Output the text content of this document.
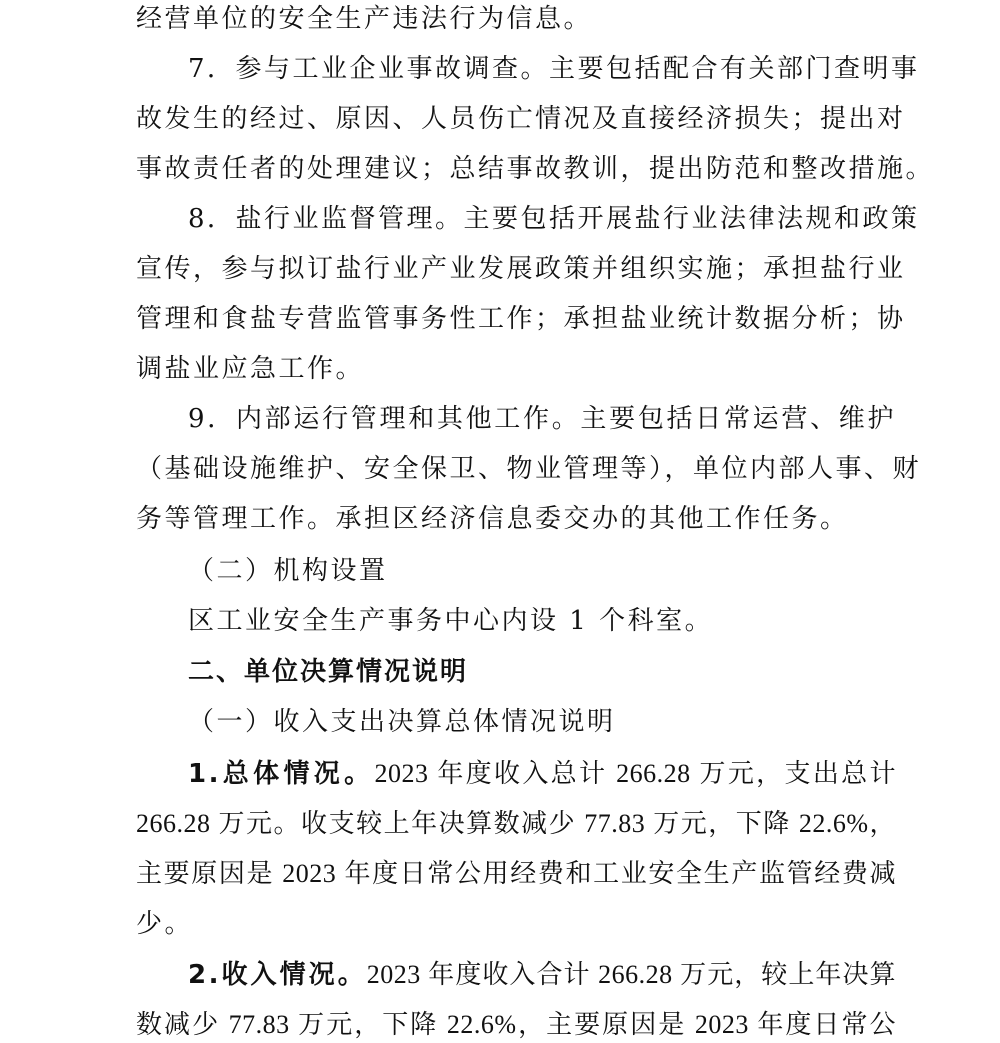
经营单位的安全生产违法行为信息。
7．参与工业企业事故调查。主要包括配合有关部门查明事
故发生的经过、原因、人员伤亡情况及直接经济损失；提出对
事故责任者的处理建议；总结事故教训，提出防范和整改措施。
8．盐行业监督管理。主要包括开展盐行业法律法规和政策
宣传，参与拟订盐行业产业发展政策并组织实施；承担盐行业
管理和食盐专营监管事务性工作；承担盐业统计数据分析；协
调盐业应急工作。
9．内部运行管理和其他工作。主要包括日常运营、维护
（基础设施维护、安全保卫、物业管理等），单位内部人事、财
务等管理工作。承担区经济信息委交办的其他工作任务。
（二）机构设置
区工业安全生产事务中心内设 1 个科室。
二、单位决算情况说明
（一）收入支出决算总体情况说明
1.总体情况。2023 年度收入总计 266.28 万元，支出总计
266.28 万元。收支较上年决算数减少 77.83 万元，下降 22.6%，
主要原因是 2023 年度日常公用经费和工业安全生产监管经费减
少。
2.收入情况。2023 年度收入合计 266.28 万元，较上年决算
数减少 77.83 万元，下降 22.6%，主要原因是 2023 年度日常公
